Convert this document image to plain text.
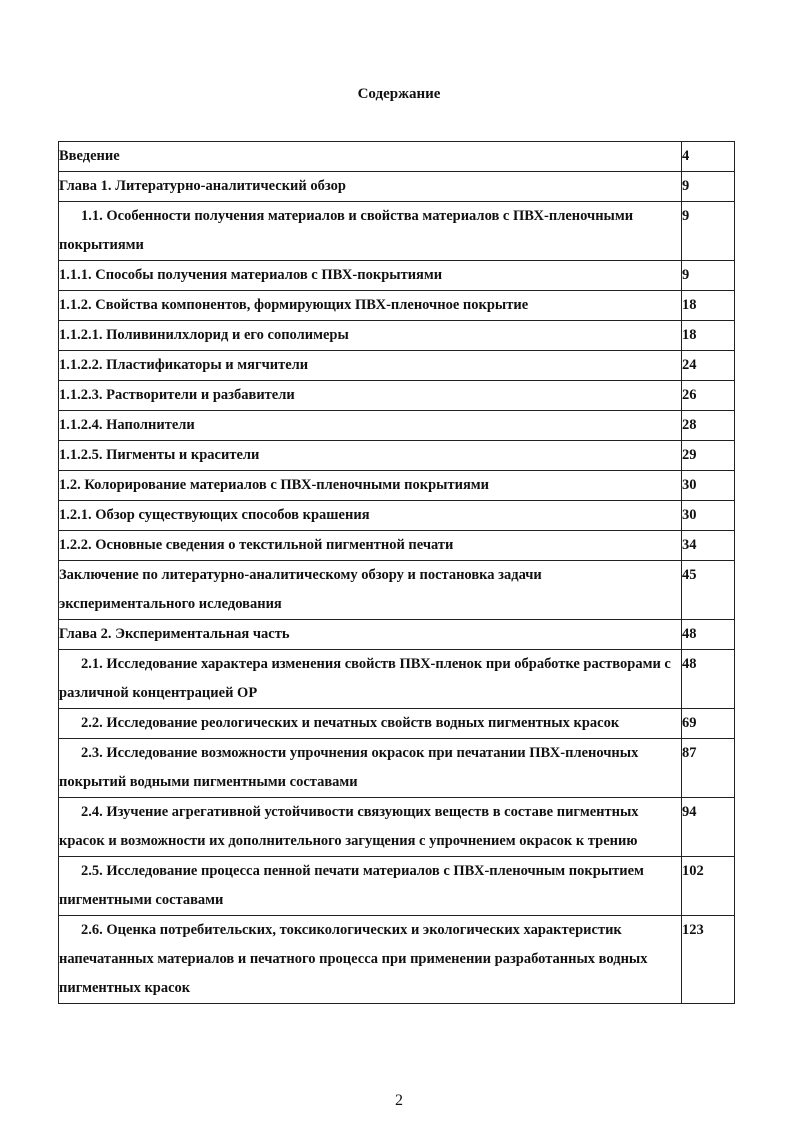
Содержание
Введение	4
Глава 1. Литературно-аналитический обзор	9

1.1. Особенности получения материалов и свойства материалов с ПВХ-пленочными покрытиями	9
1.1.1. Способы получения материалов с ПВХ-покрытиями	9
1.1.2. Свойства компонентов, формирующих ПВХ-пленочное покрытие	18
1.1.2.1. Поливинилхлорид и его сополимеры	18
1.1.2.2. Пластификаторы и мягчители	24
1.1.2.3. Растворители и разбавители	26
1.1.2.4. Наполнители	28
1.1.2.5. Пигменты и красители	29
1.2. Колорирование материалов с ПВХ-пленочными покрытиями	30
1.2.1. Обзор существующих способов крашения	30
1.2.2. Основные сведения о текстильной пигментной печати	34
Заключение по литературно-аналитическому обзору и постановка задачи экспериментального иследования	45
Глава 2. Экспериментальная часть	48

2.1. Исследование характера изменения свойств ПВХ-пленок при обработке растворами с различной концентрацией ОР	48

2.2. Исследование реологических и печатных свойств водных пигментных красок	69

2.3. Исследование возможности упрочнения окрасок при печатании ПВХ-пленочных покрытий водными пигментными составами	87

2.4. Изучение агрегативной устойчивости связующих веществ в составе пигментных красок и возможности их дополнительного загущения с упрочнением окрасок к трению	94

2.5. Исследование процесса пенной печати материалов с ПВХ-пленочным покрытием пигментными составами	102

2.6. Оценка потребительских, токсикологических и экологических характеристик напечатанных материалов и печатного процесса при применении разработанных водных пигментных красок	123
2
